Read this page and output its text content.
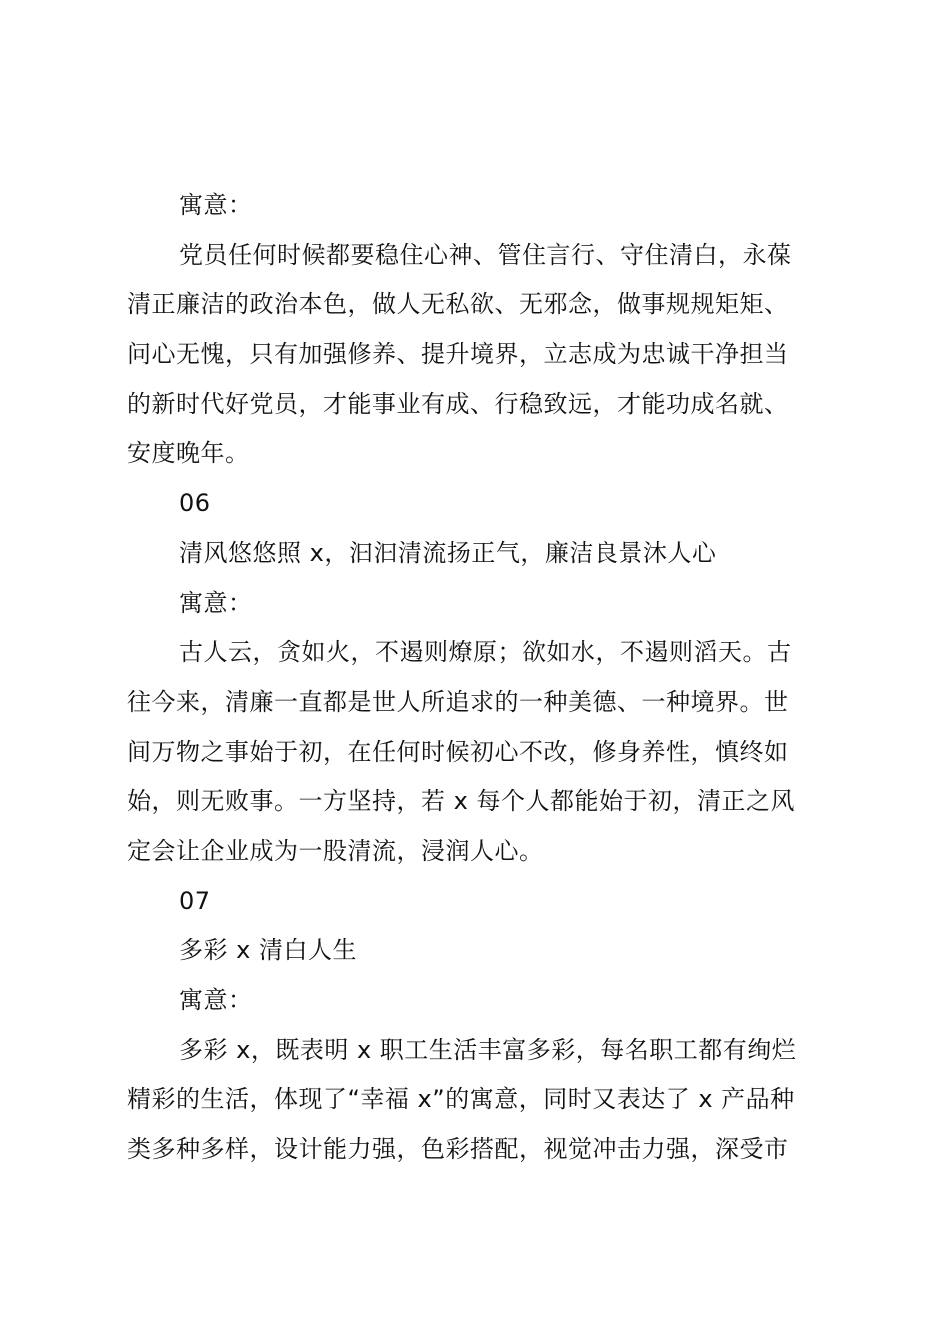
寓意：
党员任何时候都要稳住心神、管住言行、守住清白，永葆
清正廉洁的政治本色，做人无私欲、无邪念，做事规规矩矩、
问心无愧，只有加强修养、提升境界，立志成为忠诚干净担当
的新时代好党员，才能事业有成、行稳致远，才能功成名就、
安度晚年。
06
清风悠悠照 x，汩汩清流扬正气，廉洁良景沐人心
寓意：
古人云，贪如火，不遏则燎原；欲如水，不遏则滔天。古
往今来，清廉一直都是世人所追求的一种美德、一种境界。世
间万物之事始于初，在任何时候初心不改，修身养性，慎终如
始，则无败事。一方坚持，若 x 每个人都能始于初，清正之风
定会让企业成为一股清流，浸润人心。
07
多彩 x 清白人生
寓意：
多彩 x，既表明 x 职工生活丰富多彩，每名职工都有绚烂
精彩的生活，体现了“幸福 x”的寓意，同时又表达了 x 产品种
类多种多样，设计能力强，色彩搭配，视觉冲击力强，深受市
